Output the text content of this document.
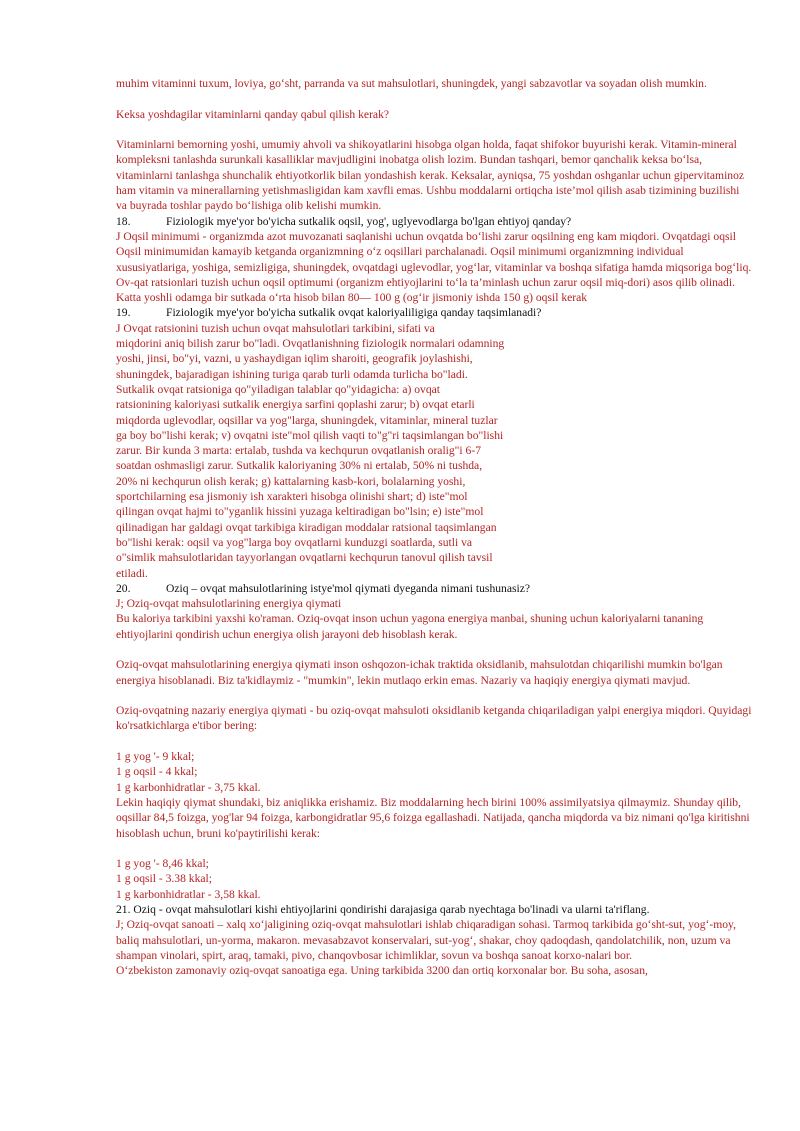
muhim vitaminni tuxum, loviya, go‘sht, parranda va sut mahsulotlari, shuningdek, yangi sabzavotlar va soyadan olish mumkin.

Keksa yoshdagilar vitaminlarni qanday qabul qilish kerak?

Vitaminlarni bemorning yoshi, umumiy ahvoli va shikoyatlarini hisobga olgan holda, faqat shifokor buyurishi kerak. Vitamin-mineral kompleksni tanlashda surunkali kasalliklar mavjudligini inobatga olish lozim. Bundan tashqari, bemor qanchalik keksa bo‘lsa, vitaminlarni tanlashga shunchalik ehtiyotkorlik bilan yondashish kerak. Keksalar, ayniqsa, 75 yoshdan oshganlar uchun gipervitaminoz ham vitamin va minerallarning yetishmasligidan kam xavfli emas. Ushbu moddalarni ortiqcha iste’mol qilish asab tizimining buzilishi va buyrada toshlar paydo bo‘lishiga olib kelishi mumkin.

18.	Fiziologik mye'yor bo'yicha sutkalik oqsil, yog', uglyevodlarga bo'lgan ehtiyoj qanday?

J Oqsil minimumi - organizmda azot muvozanati saqlanishi uchun ovqatda bo‘lishi zarur oqsilning eng kam miqdori. Ovqatdagi oqsil Oqsil minimumidan kamayib ketganda organizmning o‘z oqsillari parchalanadi. Oqsil minimumi organizmning individual xususiyatlariga, yoshiga, semizligiga, shuningdek, ovqatdagi uglevodlar, yog‘lar, vitaminlar va boshqa sifatiga hamda miqsoriga bog‘liq. Ov-qat ratsionlari tuzish uchun oqsil optimumi (organizm ehtiyojlarini to‘la ta’minlash uchun zarur oqsil miq-dori) asos qilib olinadi. Katta yoshli odamga bir sutkada o‘rta hisob bilan 80— 100 g (og‘ir jismoniy ishda 150 g) oqsil kerak

19.	Fiziologik mye'yor bo'yicha sutkalik ovqat kaloriyaliligiga qanday taqsimlanadi?
J Ovqat ratsionini tuzish uchun ovqat mahsulotlari tarkibini, sifati va
miqdorini aniq bilish zarur bo"ladi. Ovqatlanishning fiziologik normalari odamning
yoshi, jinsi, bo"yi, vazni, u yashaydigan iqlim sharoiti, geografik joylashishi,
shuningdek, bajaradigan ishining turiga qarab turli odamda turlicha bo"ladi.
Sutkalik ovqat ratsioniga qo"yiladigan talablar qo"yidagicha: a) ovqat
ratsionining kaloriyasi sutkalik energiya sarfini qoplashi zarur; b) ovqat etarli
miqdorda uglevodlar, oqsillar va yog"larga, shuningdek, vitaminlar, mineral tuzlar
ga boy bo"lishi kerak; v) ovqatni iste"mol qilish vaqti to"g"ri taqsimlangan bo"lishi
zarur. Bir kunda 3 marta: ertalab, tushda va kechqurun ovqatlanish oralig"i 6-7
soatdan oshmasligi zarur. Sutkalik kaloriyaning 30% ni ertalab, 50% ni tushda,
20% ni kechqurun olish kerak; g) kattalarning kasb-kori, bolalarning yoshi,
sportchilarning esa jismoniy ish xarakteri hisobga olinishi shart; d) iste"mol
qilingan ovqat hajmi to"yganlik hissini yuzaga keltiradigan bo"lsin; e) iste"mol
qilinadigan har galdagi ovqat tarkibiga kiradigan moddalar ratsional taqsimlangan
bo"lishi kerak: oqsil va yog"larga boy ovqatlarni kunduzgi soatlarda, sutli va
o"simlik mahsulotlaridan tayyorlangan ovqatlarni kechqurun tanovul qilish tavsil
etiladi.
20.	Oziq – ovqat mahsulotlarining istye'mol qiymati dyeganda nimani tushunasiz?

J; Oziq-ovqat mahsulotlarining energiya qiymati

Bu kaloriya tarkibini yaxshi ko'raman. Oziq-ovqat inson uchun yagona energiya manbai, shuning uchun kaloriyalarni tananing ehtiyojlarini qondirish uchun energiya olish jarayoni deb hisoblash kerak.

Oziq-ovqat mahsulotlarining energiya qiymati inson oshqozon-ichak traktida oksidlanib, mahsulotdan chiqarilishi mumkin bo'lgan energiya hisoblanadi. Biz ta'kidlaymiz - "mumkin", lekin mutlaqo erkin emas. Nazariy va haqiqiy energiya qiymati mavjud.

Oziq-ovqatning nazariy energiya qiymati - bu oziq-ovqat mahsuloti oksidlanib ketganda chiqariladigan yalpi energiya miqdori. Quyidagi ko'rsatkichlarga e'tibor bering:

1 g yog '- 9 kkal;

1 g oqsil - 4 kkal;

1 g karbonhidratlar - 3,75 kkal.

Lekin haqiqiy qiymat shundaki, biz aniqlikka erishamiz. Biz moddalarning hech birini 100% assimilyatsiya qilmaymiz. Shunday qilib, oqsillar 84,5 foizga, yog'lar 94 foizga, karbongidratlar 95,6 foizga egallashadi. Natijada, qancha miqdorda va biz nimani qo'lga kiritishni hisoblash uchun, bruni ko'paytirilishi kerak:

1 g yog '- 8,46 kkal;

1 g oqsil - 3.38 kkal;

1 g karbonhidratlar - 3,58 kkal.

21. Oziq - ovqat mahsulotlari kishi ehtiyojlarini qondirishi darajasiga qarab nyechtaga bo'linadi va ularni ta'riflang.

J; Oziq-ovqat sanoati – xalq xo‘jaligining oziq-ovqat mahsulotlari ishlab chiqaradigan sohasi. Tarmoq tarkibida go‘sht-sut, yog‘-moy, baliq mahsulotlari, un-yorma, makaron. mevasabzavot konservalari, sut-yog‘, shakar, choy qadoqdash, qandolatchilik, non, uzum va shampan vinolari, spirt, araq, tamaki, pivo, chanqovbosar ichimliklar, sovun va boshqa sanoat korxo-nalari bor.

O‘zbekiston zamonaviy oziq-ovqat sanoatiga ega. Uning tarkibida 3200 dan ortiq korxonalar bor. Bu soha, asosan,
